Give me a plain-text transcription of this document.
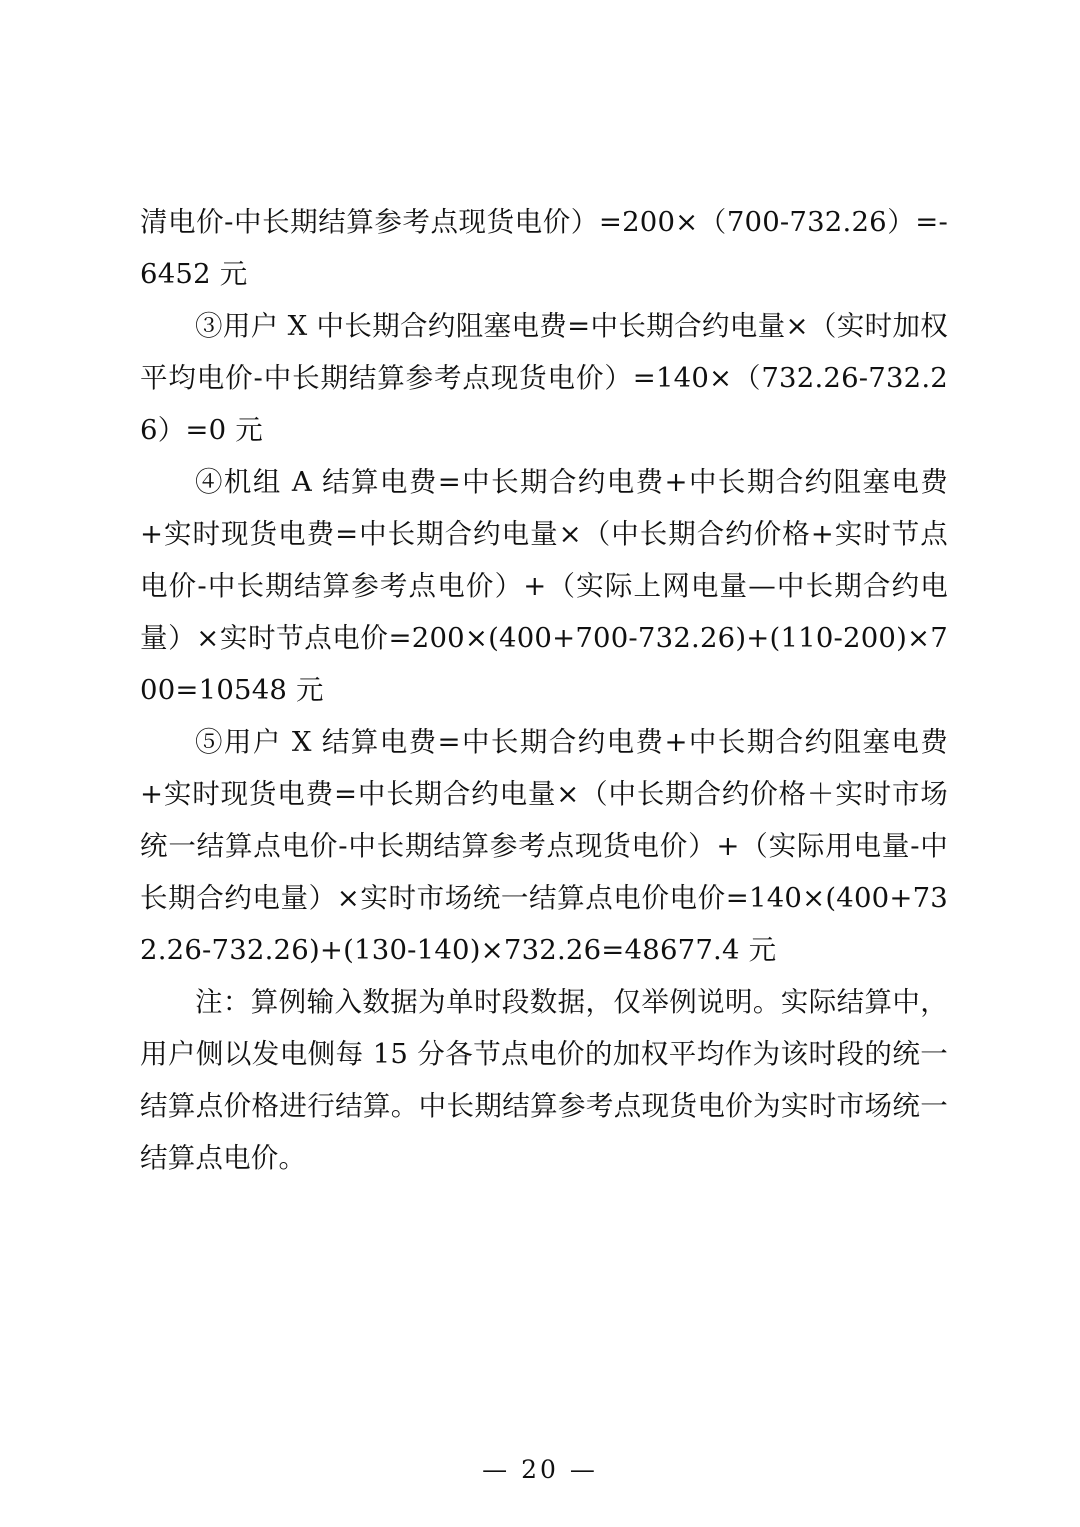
清电价-中长期结算参考点现货电价）=200×（700-732.26）=-6452 元

③用户 X 中长期合约阻塞电费=中长期合约电量×（实时加权平均电价-中长期结算参考点现货电价）=140×（732.26-732.26）=0 元

④机组 A 结算电费=中长期合约电费+中长期合约阻塞电费+实时现货电费=中长期合约电量×（中长期合约价格+实时节点电价-中长期结算参考点电价）+（实际上网电量—中长期合约电量）×实时节点电价=200×(400+700-732.26)+(110-200)×700=10548 元

⑤用户 X 结算电费=中长期合约电费+中长期合约阻塞电费+实时现货电费=中长期合约电量×（中长期合约价格＋实时市场统一结算点电价-中长期结算参考点现货电价）+（实际用电量-中长期合约电量）×实时市场统一结算点电价电价=140×(400+732.26-732.26)+(130-140)×732.26=48677.4 元

注：算例输入数据为单时段数据，仅举例说明。实际结算中，用户侧以发电侧每 15 分各节点电价的加权平均作为该时段的统一结算点价格进行结算。中长期结算参考点现货电价为实时市场统一结算点电价。

— 20 —
